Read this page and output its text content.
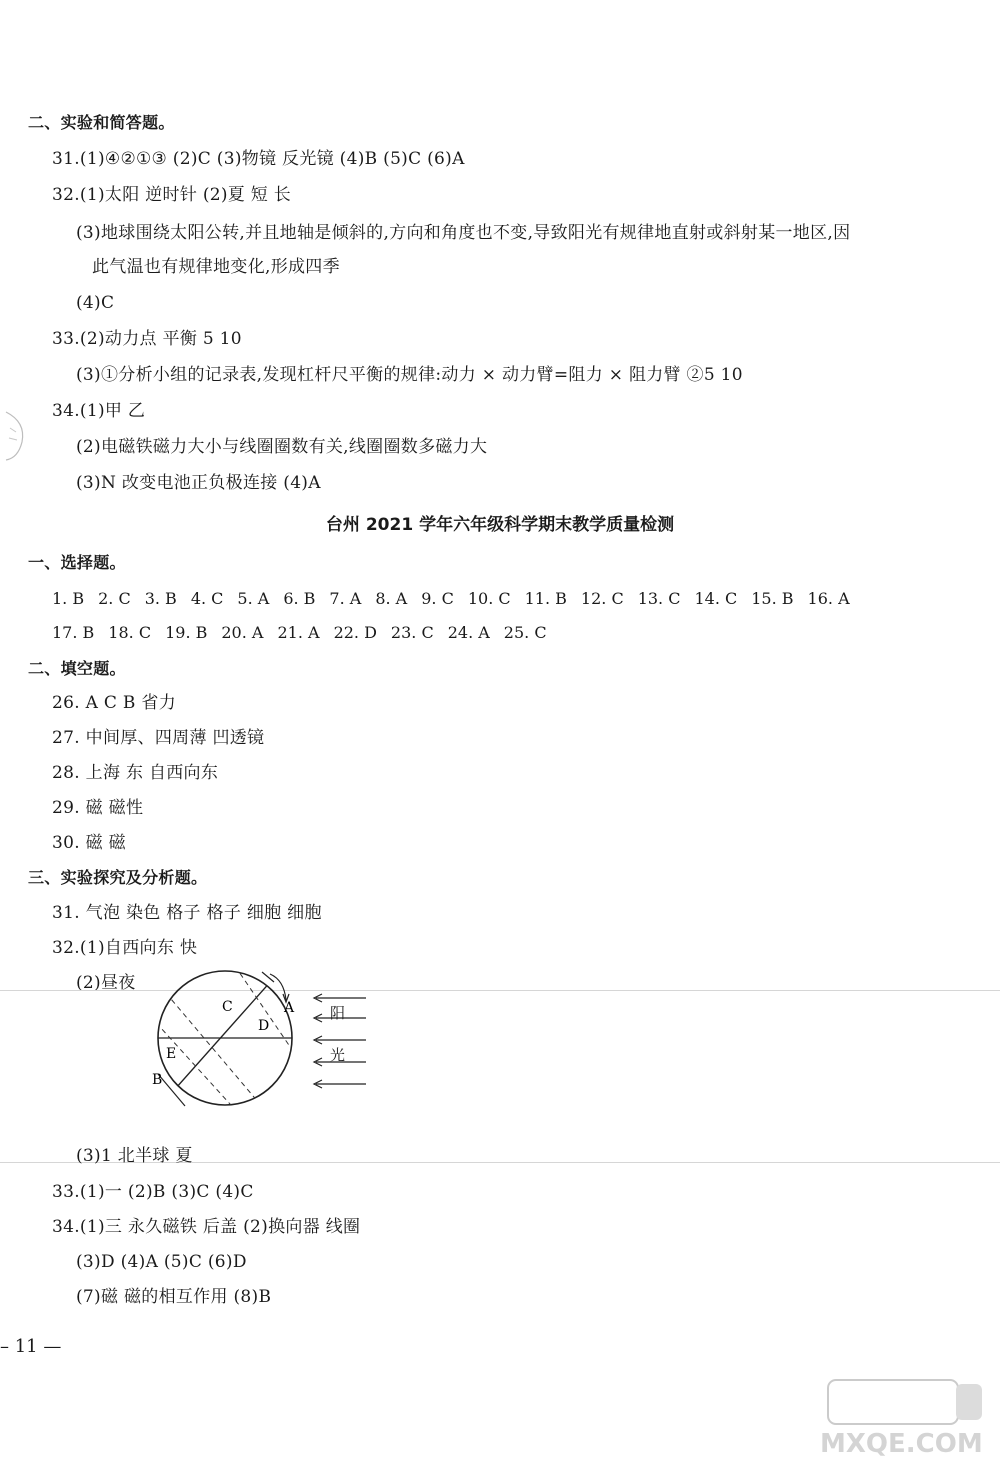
二、实验和简答题。
31.(1)④②①③ (2)C (3)物镜 反光镜 (4)B (5)C (6)A
32.(1)太阳 逆时针 (2)夏 短 长
(3)地球围绕太阳公转,并且地轴是倾斜的,方向和角度也不变,导致阳光有规律地直射或斜射某一地区,因
此气温也有规律地变化,形成四季
(4)C
33.(2)动力点 平衡 5 10
(3)①分析小组的记录表,发现杠杆尺平衡的规律:动力 × 动力臂=阻力 × 阻力臂 ②5 10
34.(1)甲 乙
(2)电磁铁磁力大小与线圈圈数有关,线圈圈数多磁力大
(3)N 改变电池正负极连接 (4)A
台州 2021 学年六年级科学期末教学质量检测
一、选择题。
1. B 2. C 3. B 4. C 5. A 6. B 7. A 8. A 9. C 10. C 11. B 12. C 13. C 14. C 15. B 16. A
17. B 18. C 19. B 20. A 21. A 22. D 23. C 24. A 25. C
二、填空题。
26. A C B 省力
27. 中间厚、四周薄 凹透镜
28. 上海 东 自西向东
29. 磁 磁性
30. 磁 磁
三、实验探究及分析题。
31. 气泡 染色 格子 格子 细胞 细胞
32.(1)自西向东 快
(2)昼夜
C
D
E
B
A 阳
光
(3)1 北半球 夏
33.(1)一 (2)B (3)C (4)C
34.(1)三 永久磁铁 后盖 (2)换向器 线圈
(3)D (4)A (5)C (6)D
(7)磁 磁的相互作用 (8)B
– 11 —
MXQE.COM
